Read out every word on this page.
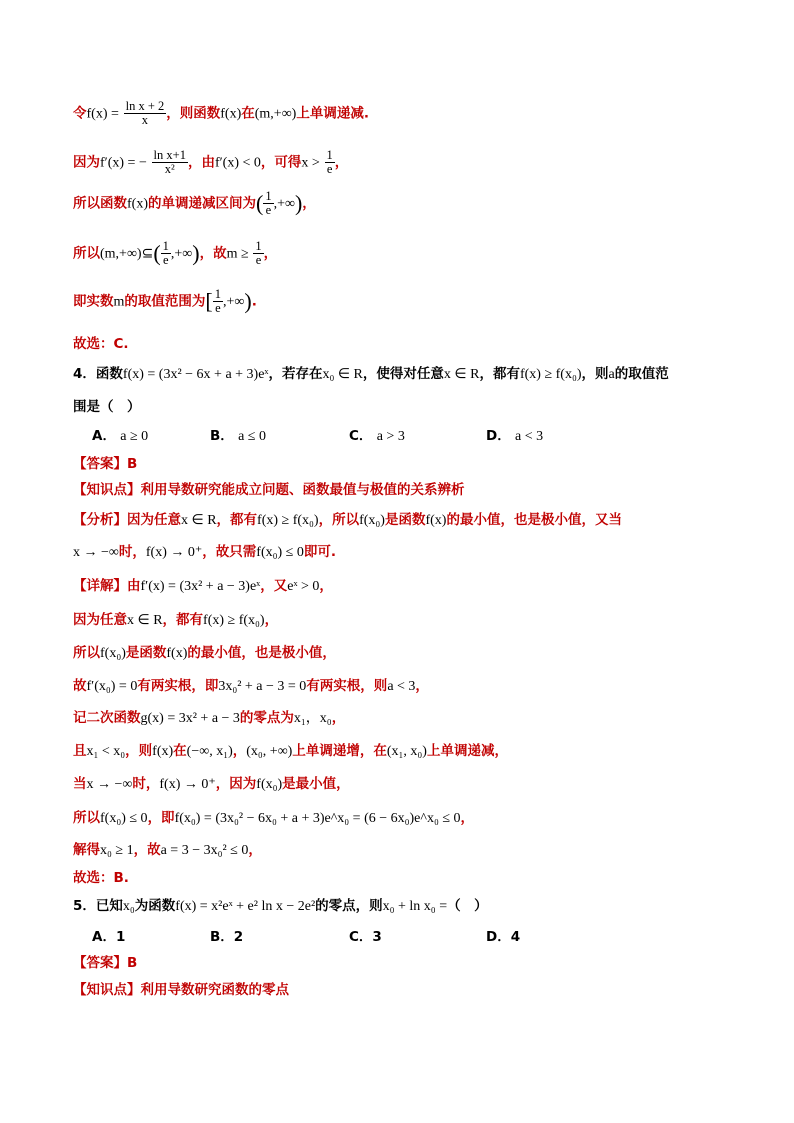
令$f(x) = \frac{\text{ln x + 2}}{x}$ ，则函数f(x)在(m,+∞)上单调递减.
因为f′(x) = − $\frac{\text{ln x+1}}{\text{x²}}$ ，由f′(x) < 0，可得$x > \frac{1}{e}$ ，
所以函数f(x)的单调递减区间为( $\frac{1}{e}$ ,+∞)，
所以(m,+∞)⊆( $\frac{1}{e}$ ,+∞)，故$m \ge \frac{1}{e}$ ，
即实数m的取值范围为[ $\frac{1}{e}$ ,+∞).
故选：C.
4．函数f(x) = (3x² − 6x + a + 3)eˣ，若存在x₀ ∈ R，使得对任意x ∈ R，都有f(x) ≥ f(x₀)，则a的取值范
围是（　）
A． a ≥ 0	B． a ≤ 0	C． a > 3	D． a < 3
【答案】B
【知识点】利用导数研究能成立问题、函数最值与极值的关系辨析
【分析】因为任意x ∈ R，都有f(x) ≥ f(x₀)，所以f(x₀)是函数f(x)的最小值，也是极小值，又当
x → −∞时，f(x) → 0⁺，故只需f(x₀) ≤ 0即可.
【详解】由f′(x) = (3x² + a − 3)eˣ，又eˣ > 0，
因为任意x ∈ R，都有f(x) ≥ f(x₀)，
所以f(x₀)是函数f(x)的最小值，也是极小值，
故f′(x₀) = 0有两实根，即3x₀² + a − 3 = 0有两实根，则a < 3，
记二次函数g(x) = 3x² + a − 3的零点为x₁，x₀，
且x₁ < x₀，则f(x)在(−∞, x₁)，(x₀, +∞)上单调递增，在(x₁, x₀)上单调递减，
当x → −∞时，f(x) → 0⁺，因为f(x₀)是最小值，
所以f(x₀) ≤ 0，即f(x₀) = (3x₀² − 6x₀ + a + 3)e^x₀ = (6 − 6x₀)e^x₀ ≤ 0，
解得x₀ ≥ 1，故a = 3 − 3x₀² ≤ 0，
故选：B.
5．已知x₀为函数f(x) = x²eˣ + e² ln x − 2e²的零点，则x₀ + ln x₀ =（　）
A．1	B．2	C．3	D．4
【答案】B
【知识点】利用导数研究函数的零点
